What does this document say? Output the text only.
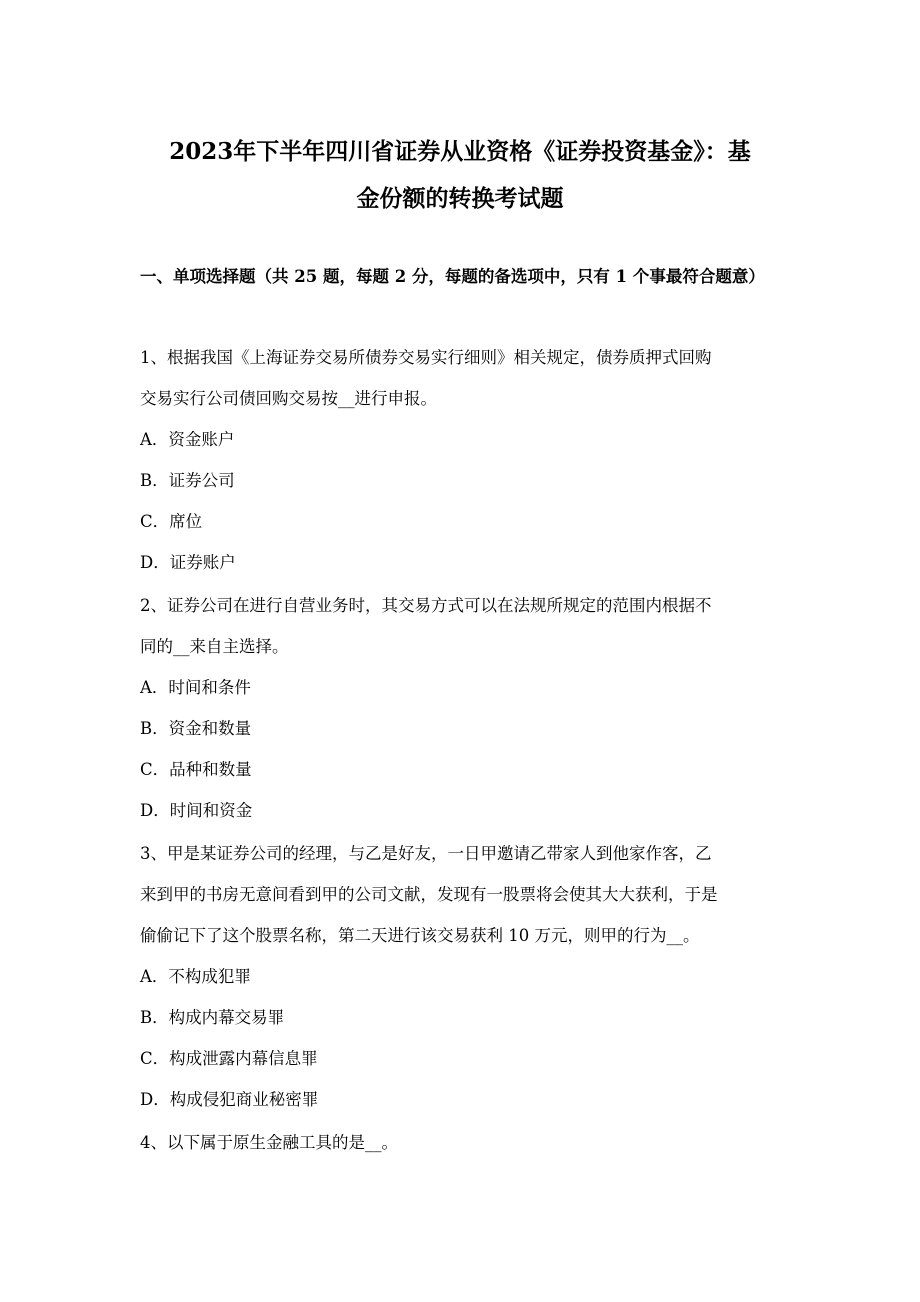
2023年下半年四川省证券从业资格《证券投资基金》：基
金份额的转换考试题

一、单项选择题（共 25 题，每题 2 分，每题的备选项中，只有 1 个事最符合题意）

1、根据我国《上海证券交易所债券交易实行细则》相关规定，债券质押式回购

交易实行公司债回购交易按__进行申报。

A．资金账户

B．证券公司

C．席位

D．证券账户

2、证券公司在进行自营业务时，其交易方式可以在法规所规定的范围内根据不

同的__来自主选择。

A．时间和条件

B．资金和数量

C．品种和数量

D．时间和资金

3、甲是某证券公司的经理，与乙是好友，一日甲邀请乙带家人到他家作客，乙

来到甲的书房无意间看到甲的公司文献，发现有一股票将会使其大大获利，于是

偷偷记下了这个股票名称，第二天进行该交易获利 10 万元，则甲的行为__。

A．不构成犯罪

B．构成内幕交易罪

C．构成泄露内幕信息罪

D．构成侵犯商业秘密罪

4、以下属于原生金融工具的是__。
